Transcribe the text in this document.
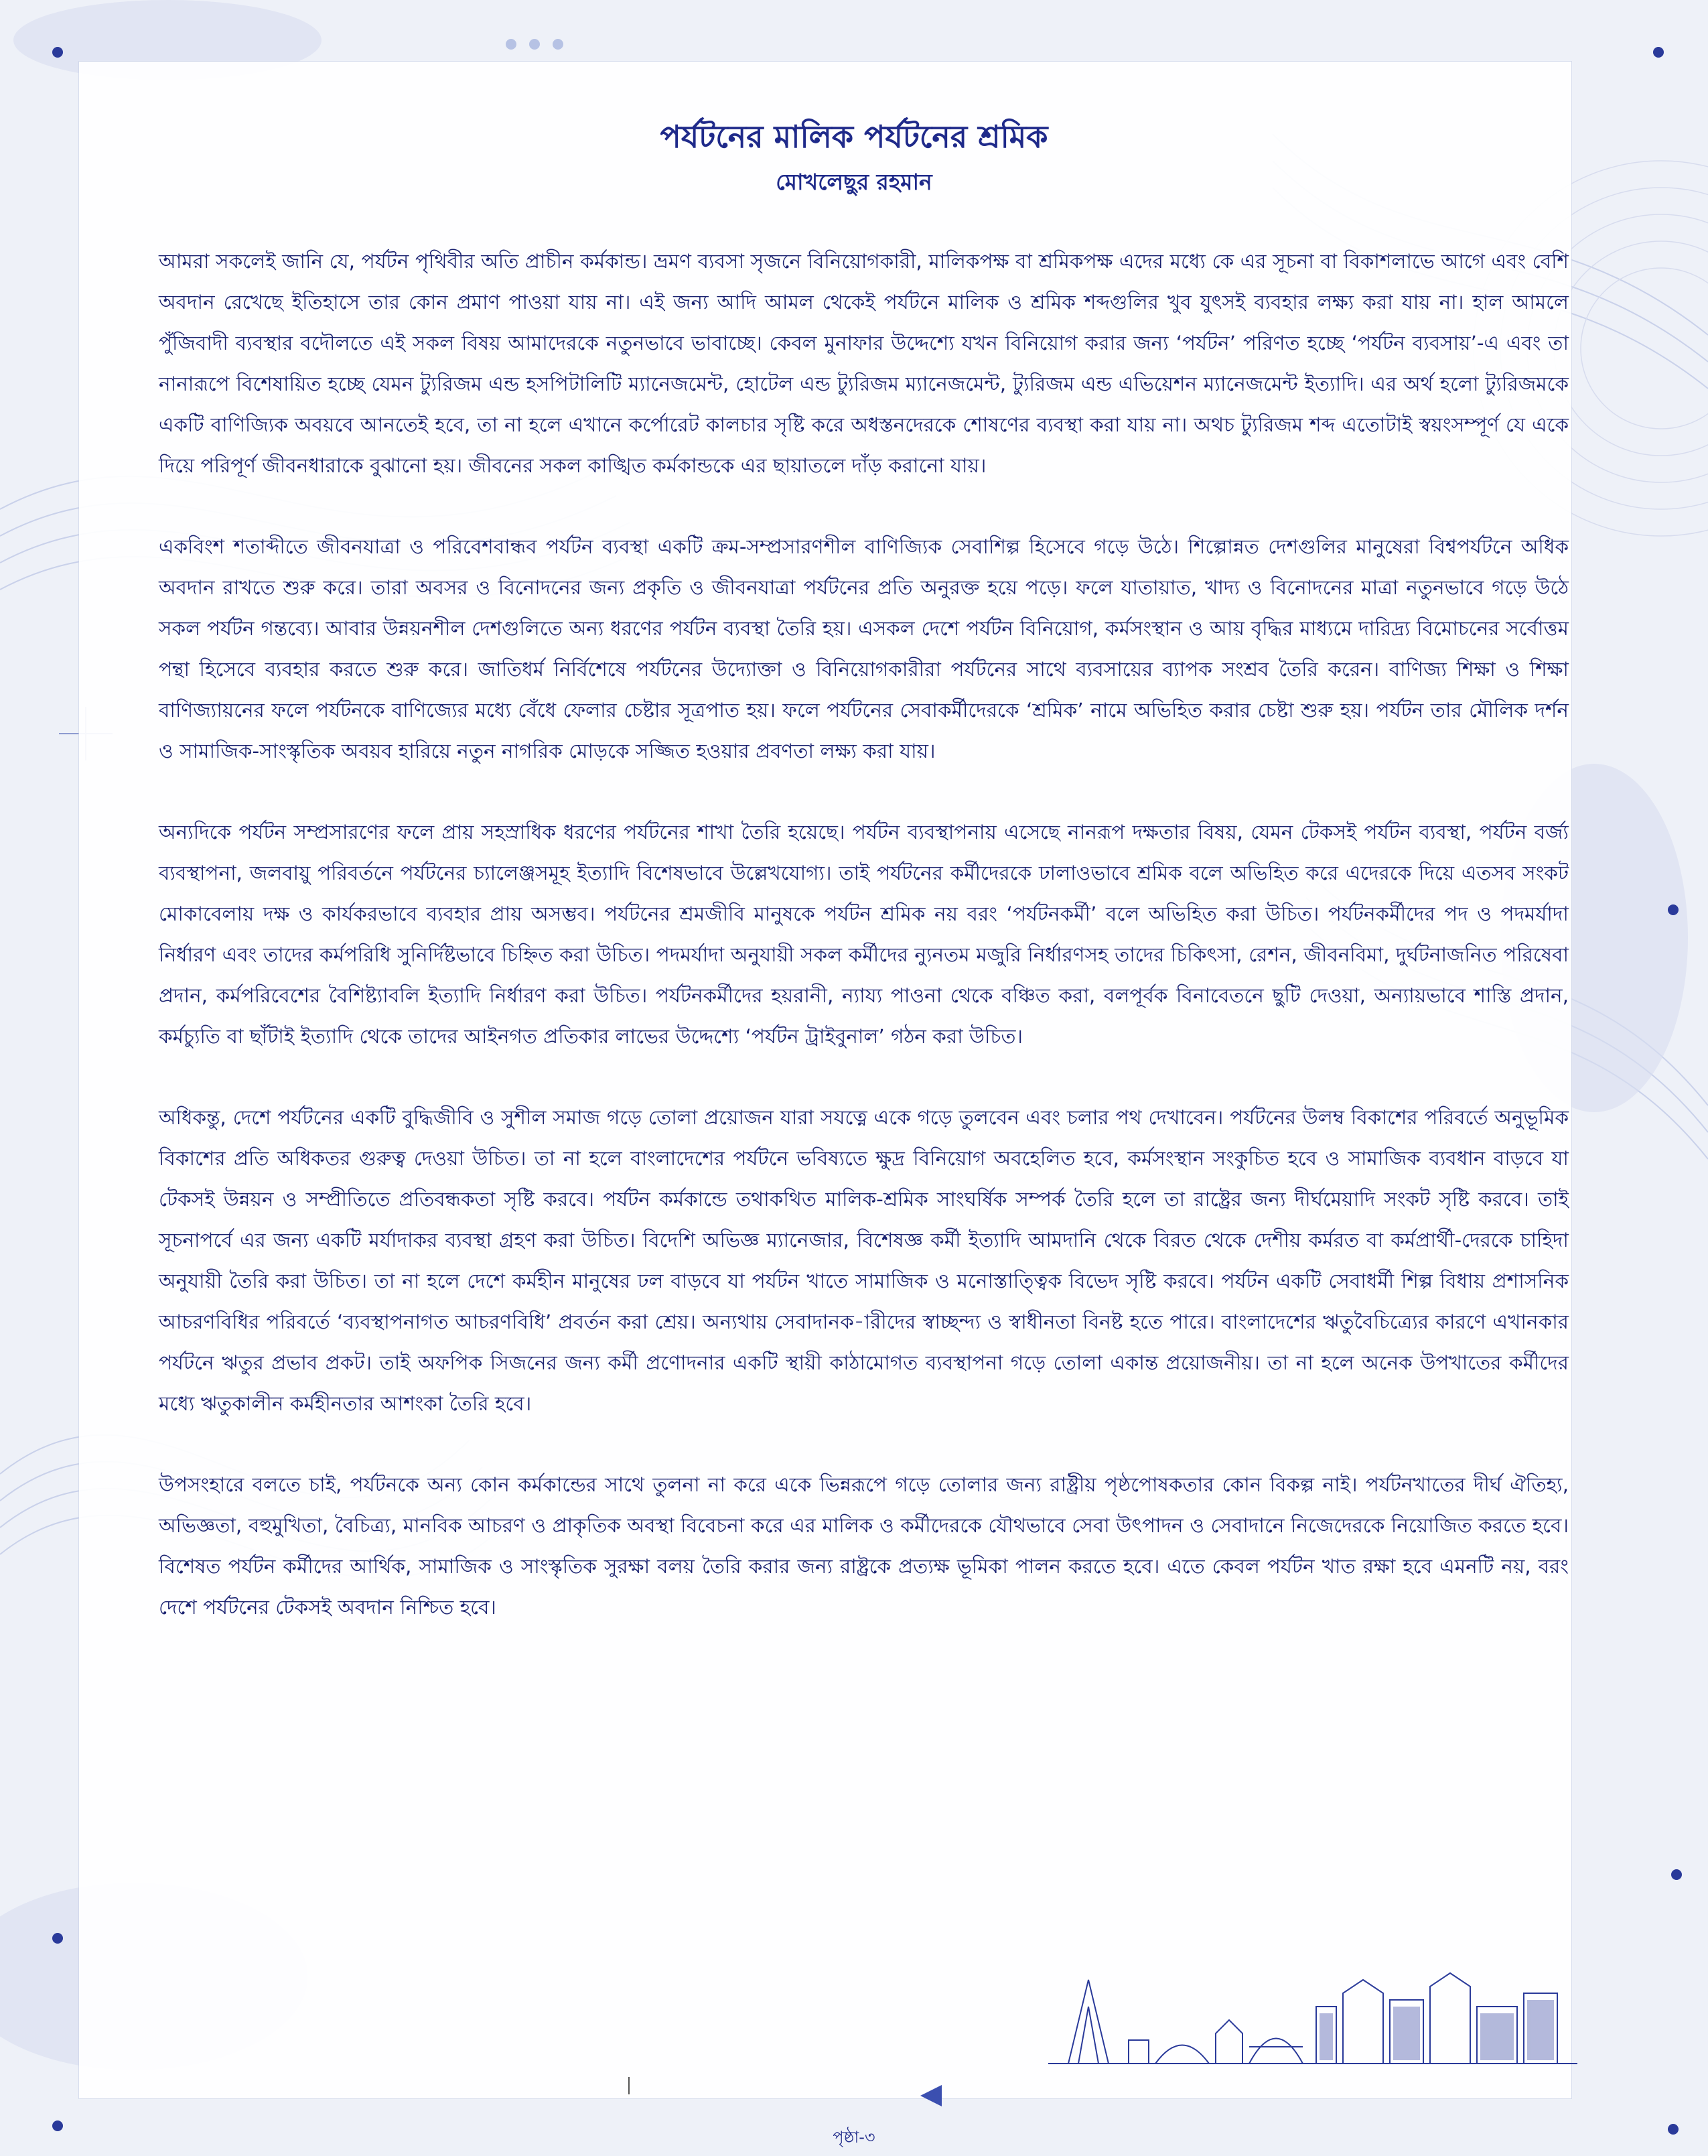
পর্যটনের মালিক পর্যটনের শ্রমিক
মোখলেছুর রহমান

আমরা সকলেই জানি যে, পর্যটন পৃথিবীর অতি প্রাচীন কর্মকান্ড। ভ্রমণ ব্যবসা সৃজনে বিনিয়োগকারী, মালিকপক্ষ বা শ্রমিকপক্ষ এদের মধ্যে কে এর সূচনা বা বিকাশলাভে আগে এবং বেশি অবদান রেখেছে ইতিহাসে তার কোন প্রমাণ পাওয়া যায় না। এই জন্য আদি আমল থেকেই পর্যটনে মালিক ও শ্রমিক শব্দগুলির খুব যুৎসই ব্যবহার লক্ষ্য করা যায় না। হাল আমলে পুঁজিবাদী ব্যবস্থার বদৌলতে এই সকল বিষয় আমাদেরকে নতুনভাবে ভাবাচ্ছে। কেবল মুনাফার উদ্দেশ্যে যখন বিনিয়োগ করার জন্য ‘পর্যটন’ পরিণত হচ্ছে ‘পর্যটন ব্যবসায়’-এ এবং তা নানারূপে বিশেষায়িত হচ্ছে যেমন ট্যুরিজম এন্ড হসপিটালিটি ম্যানেজমেন্ট, হোটেল এন্ড ট্যুরিজম ম্যানেজমেন্ট, ট্যুরিজম এন্ড এভিয়েশন ম্যানেজমেন্ট ইত্যাদি। এর অর্থ হলো ট্যুরিজমকে একটি বাণিজ্যিক অবয়বে আনতেই হবে, তা না হলে এখানে কর্পোরেট কালচার সৃষ্টি করে অধস্তনদেরকে শোষণের ব্যবস্থা করা যায় না। অথচ ট্যুরিজম শব্দ এতোটাই স্বয়ংসম্পূর্ণ যে একে দিয়ে পরিপূর্ণ জীবনধারাকে বুঝানো হয়। জীবনের সকল কাঙ্খিত কর্মকান্ডকে এর ছায়াতলে দাঁড় করানো যায়।

একবিংশ শতাব্দীতে জীবনযাত্রা ও পরিবেশবান্ধব পর্যটন ব্যবস্থা একটি ক্রম-সম্প্রসারণশীল বাণিজ্যিক সেবাশিল্প হিসেবে গড়ে উঠে। শিল্পোন্নত দেশগুলির মানুষেরা বিশ্বপর্যটনে অধিক অবদান রাখতে শুরু করে। তারা অবসর ও বিনোদনের জন্য প্রকৃতি ও জীবনযাত্রা পর্যটনের প্রতি অনুরক্ত হয়ে পড়ে। ফলে যাতায়াত, খাদ্য ও বিনোদনের মাত্রা নতুনভাবে গড়ে উঠে সকল পর্যটন গন্তব্যে। আবার উন্নয়নশীল দেশগুলিতে অন্য ধরণের পর্যটন ব্যবস্থা তৈরি হয়। এসকল দেশে পর্যটন বিনিয়োগ, কর্মসংস্থান ও আয় বৃদ্ধির মাধ্যমে দারিদ্র্য বিমোচনের সর্বোত্তম পন্থা হিসেবে ব্যবহার করতে শুরু করে। জাতিধর্ম নির্বিশেষে পর্যটনের উদ্যোক্তা ও বিনিয়োগকারীরা পর্যটনের সাথে ব্যবসায়ের ব্যাপক সংশ্রব তৈরি করেন। বাণিজ্য শিক্ষা ও শিক্ষা বাণিজ্যায়নের ফলে পর্যটনকে বাণিজ্যের মধ্যে বেঁধে ফেলার চেষ্টার সূত্রপাত হয়। ফলে পর্যটনের সেবাকর্মীদেরকে ‘শ্রমিক’ নামে অভিহিত করার চেষ্টা শুরু হয়। পর্যটন তার মৌলিক দর্শন ও সামাজিক-সাংস্কৃতিক অবয়ব হারিয়ে নতুন নাগরিক মোড়কে সজ্জিত হওয়ার প্রবণতা লক্ষ্য করা যায়।

অন্যদিকে পর্যটন সম্প্রসারণের ফলে প্রায় সহস্রাধিক ধরণের পর্যটনের শাখা তৈরি হয়েছে। পর্যটন ব্যবস্থাপনায় এসেছে নানরূপ দক্ষতার বিষয়, যেমন টেকসই পর্যটন ব্যবস্থা, পর্যটন বর্জ্য ব্যবস্থাপনা, জলবায়ু পরিবর্তনে পর্যটনের চ্যালেঞ্জসমূহ ইত্যাদি বিশেষভাবে উল্লেখযোগ্য। তাই পর্যটনের কর্মীদেরকে ঢালাওভাবে শ্রমিক বলে অভিহিত করে এদেরকে দিয়ে এতসব সংকট মোকাবেলায় দক্ষ ও কার্যকরভাবে ব্যবহার প্রায় অসম্ভব। পর্যটনের শ্রমজীবি মানুষকে পর্যটন শ্রমিক নয় বরং ‘পর্যটনকর্মী’ বলে অভিহিত করা উচিত। পর্যটনকর্মীদের পদ ও পদমর্যাদা নির্ধারণ এবং তাদের কর্মপরিধি সুনির্দিষ্টভাবে চিহ্নিত করা উচিত। পদমর্যাদা অনুযায়ী সকল কর্মীদের ন্যুনতম মজুরি নির্ধারণসহ তাদের চিকিৎসা, রেশন, জীবনবিমা, দুর্ঘটনাজনিত পরিষেবা প্রদান, কর্মপরিবেশের বৈশিষ্ট্যাবলি ইত্যাদি নির্ধারণ করা উচিত। পর্যটনকর্মীদের হয়রানী, ন্যায্য পাওনা থেকে বঞ্চিত করা, বলপূর্বক বিনাবেতনে ছুটি দেওয়া, অন্যায়ভাবে শাস্তি প্রদান, কর্মচ্যুতি বা ছাঁটাই ইত্যাদি থেকে তাদের আইনগত প্রতিকার লাভের উদ্দেশ্যে ‘পর্যটন ট্রাইবুনাল’ গঠন করা উচিত।

অধিকন্তু, দেশে পর্যটনের একটি বুদ্ধিজীবি ও সুশীল সমাজ গড়ে তোলা প্রয়োজন যারা সযত্নে একে গড়ে তুলবেন এবং চলার পথ দেখাবেন। পর্যটনের উলম্ব বিকাশের পরিবর্তে অনুভূমিক বিকাশের প্রতি অধিকতর গুরুত্ব দেওয়া উচিত। তা না হলে বাংলাদেশের পর্যটনে ভবিষ্যতে ক্ষুদ্র বিনিয়োগ অবহেলিত হবে, কর্মসংস্থান সংকুচিত হবে ও সামাজিক ব্যবধান বাড়বে যা টেকসই উন্নয়ন ও সম্প্রীতিতে প্রতিবন্ধকতা সৃষ্টি করবে। পর্যটন কর্মকান্ডে তথাকথিত মালিক-শ্রমিক সাংঘর্ষিক সম্পর্ক তৈরি হলে তা রাষ্ট্রের জন্য দীর্ঘমেয়াদি সংকট সৃষ্টি করবে। তাই সূচনাপর্বে এর জন্য একটি মর্যাদাকর ব্যবস্থা গ্রহণ করা উচিত। বিদেশি অভিজ্ঞ ম্যানেজার, বিশেষজ্ঞ কর্মী ইত্যাদি আমদানি থেকে বিরত থেকে দেশীয় কর্মরত বা কর্মপ্রার্থী-দেরকে চাহিদা অনুযায়ী তৈরি করা উচিত। তা না হলে দেশে কর্মহীন মানুষের ঢল বাড়বে যা পর্যটন খাতে সামাজিক ও মনোস্তাত্ত্বিক বিভেদ সৃষ্টি করবে। পর্যটন একটি সেবাধর্মী শিল্প বিধায় প্রশাসনিক আচরণবিধির পরিবর্তে ‘ব্যবস্থাপনাগত আচরণবিধি’ প্রবর্তন করা শ্রেয়। অন্যথায় সেবাদানক-ারীদের স্বাচ্ছন্দ্য ও স্বাধীনতা বিনষ্ট হতে পারে। বাংলাদেশের ঋতুবৈচিত্র্যের কারণে এখানকার পর্যটনে ঋতুর প্রভাব প্রকট। তাই অফপিক সিজনের জন্য কর্মী প্রণোদনার একটি স্থায়ী কাঠামোগত ব্যবস্থাপনা গড়ে তোলা একান্ত প্রয়োজনীয়। তা না হলে অনেক উপখাতের কর্মীদের মধ্যে ঋতুকালীন কর্মহীনতার আশংকা তৈরি হবে।

উপসংহারে বলতে চাই, পর্যটনকে অন্য কোন কর্মকান্ডের সাথে তুলনা না করে একে ভিন্নরূপে গড়ে তোলার জন্য রাষ্ট্রীয় পৃষ্ঠপোষকতার কোন বিকল্প নাই। পর্যটনখাতের দীর্ঘ ঐতিহ্য, অভিজ্ঞতা, বহুমুখিতা, বৈচিত্র্য, মানবিক আচরণ ও প্রাকৃতিক অবস্থা বিবেচনা করে এর মালিক ও কর্মীদেরকে যৌথভাবে সেবা উৎপাদন ও সেবাদানে নিজেদেরকে নিয়োজিত করতে হবে। বিশেষত পর্যটন কর্মীদের আর্থিক, সামাজিক ও সাংস্কৃতিক সুরক্ষা বলয় তৈরি করার জন্য রাষ্ট্রকে প্রত্যক্ষ ভূমিকা পালন করতে হবে। এতে কেবল পর্যটন খাত রক্ষা হবে এমনটি নয়, বরং দেশে পর্যটনের টেকসই অবদান নিশ্চিত হবে।

পৃষ্ঠা-৩
